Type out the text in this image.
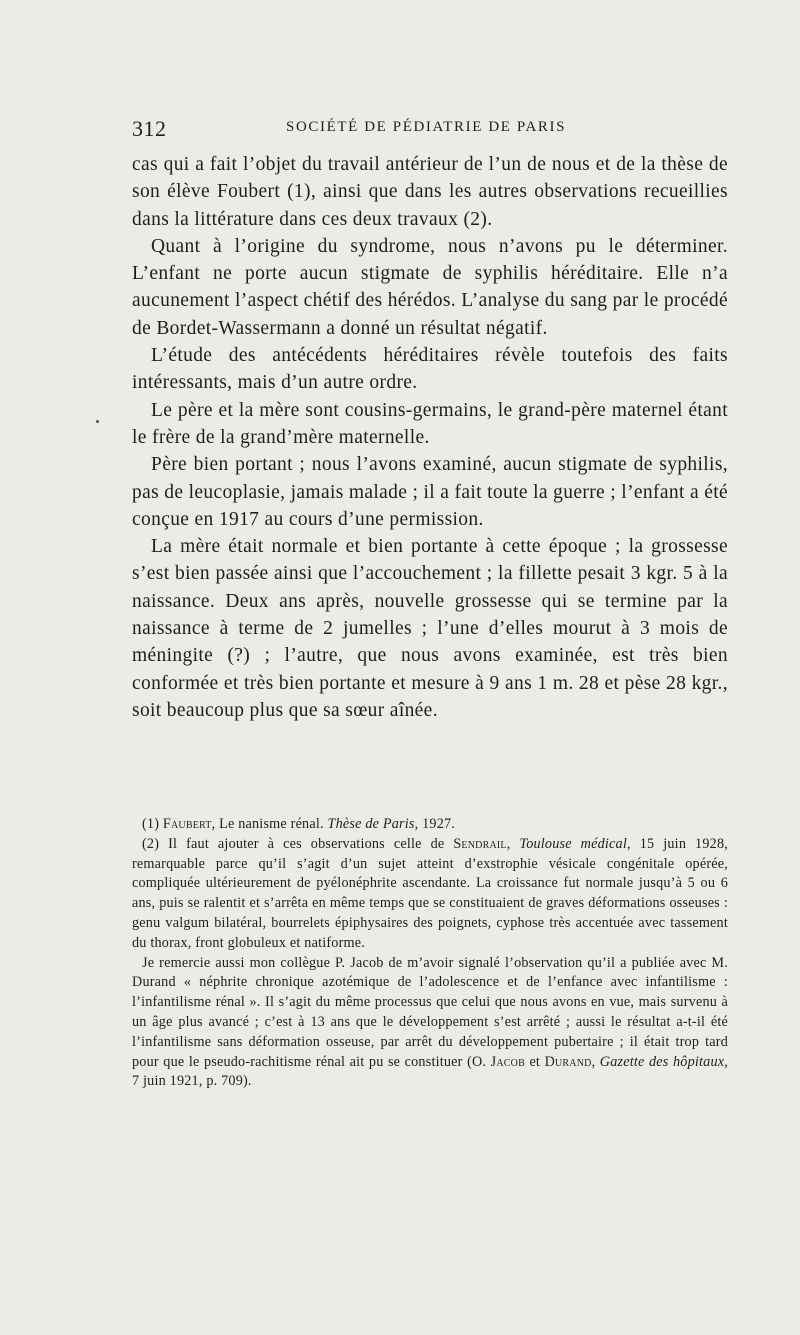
312	SOCIÉTÉ DE PÉDIATRIE DE PARIS

cas qui a fait l’objet du travail antérieur de l’un de nous et de la thèse de son élève Foubert (1), ainsi que dans les autres observations recueillies dans la littérature dans ces deux travaux (2).

Quant à l’origine du syndrome, nous n’avons pu le déterminer. L’enfant ne porte aucun stigmate de syphilis héréditaire. Elle n’a aucunement l’aspect chétif des hérédos. L’analyse du sang par le procédé de Bordet-Wassermann a donné un résultat négatif.

L’étude des antécédents héréditaires révèle toutefois des faits intéressants, mais d’un autre ordre.

Le père et la mère sont cousins-germains, le grand-père maternel étant le frère de la grand’mère maternelle.

Père bien portant ; nous l’avons examiné, aucun stigmate de syphilis, pas de leucoplasie, jamais malade ; il a fait toute la guerre ; l’enfant a été conçue en 1917 au cours d’une permission.

La mère était normale et bien portante à cette époque ; la grossesse s’est bien passée ainsi que l’accouchement ; la fillette pesait 3 kgr. 5 à la naissance. Deux ans après, nouvelle grossesse qui se termine par la naissance à terme de 2 jumelles ; l’une d’elles mourut à 3 mois de méningite (?) ; l’autre, que nous avons examinée, est très bien conformée et très bien portante et mesure à 9 ans 1 m. 28 et pèse 28 kgr., soit beaucoup plus que sa sœur aînée.

(1) Faubert, Le nanisme rénal. Thèse de Paris, 1927.

(2) Il faut ajouter à ces observations celle de Sendrail, Toulouse médical, 15 juin 1928, remarquable parce qu’il s’agit d’un sujet atteint d’exstrophie vésicale congénitale opérée, compliquée ultérieurement de pyélonéphrite ascendante. La croissance fut normale jusqu’à 5 ou 6 ans, puis se ralentit et s’arrêta en même temps que se constituaient de graves déformations osseuses : genu valgum bilatéral, bourrelets épiphysaires des poignets, cyphose très accentuée avec tassement du thorax, front globuleux et natiforme.

Je remercie aussi mon collègue P. Jacob de m’avoir signalé l’observation qu’il a publiée avec M. Durand « néphrite chronique azotémique de l’adolescence et de l’enfance avec infantilisme : l’infantilisme rénal ». Il s’agit du même processus que celui que nous avons en vue, mais survenu à un âge plus avancé ; c’est à 13 ans que le développement s’est arrêté ; aussi le résultat a-t-il été l’infantilisme sans déformation osseuse, par arrêt du développement pubertaire ; il était trop tard pour que le pseudo-rachitisme rénal ait pu se constituer (O. Jacob et Durand, Gazette des hôpitaux, 7 juin 1921, p. 709).
